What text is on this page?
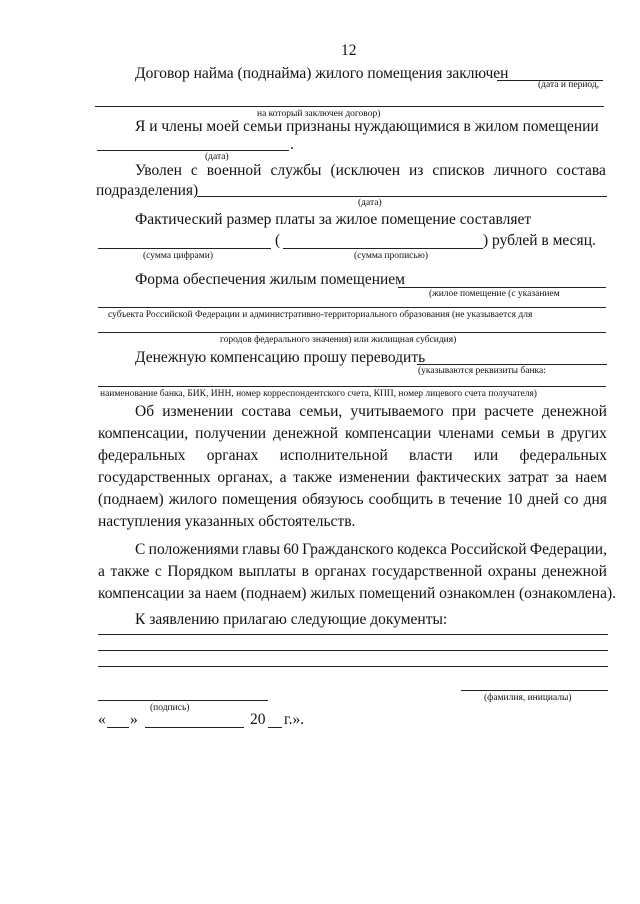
12
Договор найма (поднайма) жилого помещения заключен
(дата и период,
на который заключен договор)
Я и члены моей семьи признаны нуждающимися в жилом помещении
.
(дата)
Уволен с военной службы (исключен из списков личного состава
подразделения)
(дата)
Фактический размер платы за жилое помещение составляет
(	) рублей в месяц.
(сумма цифрами)	(сумма прописью)
Форма обеспечения жилым помещением
(жилое помещение (с указанием
субъекта Российской Федерации и административно-территориального образования (не указывается для
городов федерального значения) или жилищная субсидия)
Денежную компенсацию прошу переводить
(указываются реквизиты банка:
наименование банка, БИК, ИНН, номер корреспондентского счета, КПП, номер лицевого счета получателя)
Об изменении состава семьи, учитываемого при расчете денежной
компенсации, получении денежной компенсации членами семьи в других
федеральных органах исполнительной власти или федеральных
государственных органах, а также изменении фактических затрат за наем
(поднаем) жилого помещения обязуюсь сообщить в течение 10 дней со дня
наступления указанных обстоятельств.
С положениями главы 60 Гражданского кодекса Российской Федерации,
а также с Порядком выплаты в органах государственной охраны денежной
компенсации за наем (поднаем) жилых помещений ознакомлен (ознакомлена).
К заявлению прилагаю следующие документы:
(подпись)
(фамилия, инициалы)
« »	20 г.».
